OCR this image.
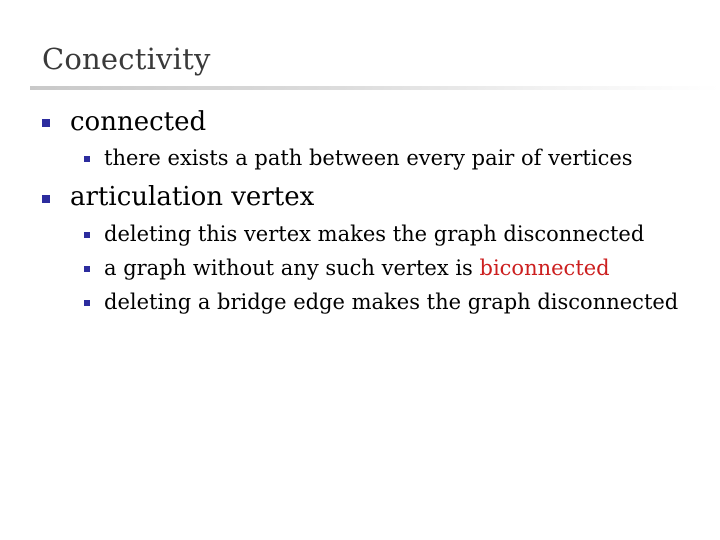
Conectivity
connected
there exists a path between every pair of vertices
articulation vertex
deleting this vertex makes the graph disconnected
a graph without any such vertex is biconnected
deleting a bridge edge makes the graph disconnected
